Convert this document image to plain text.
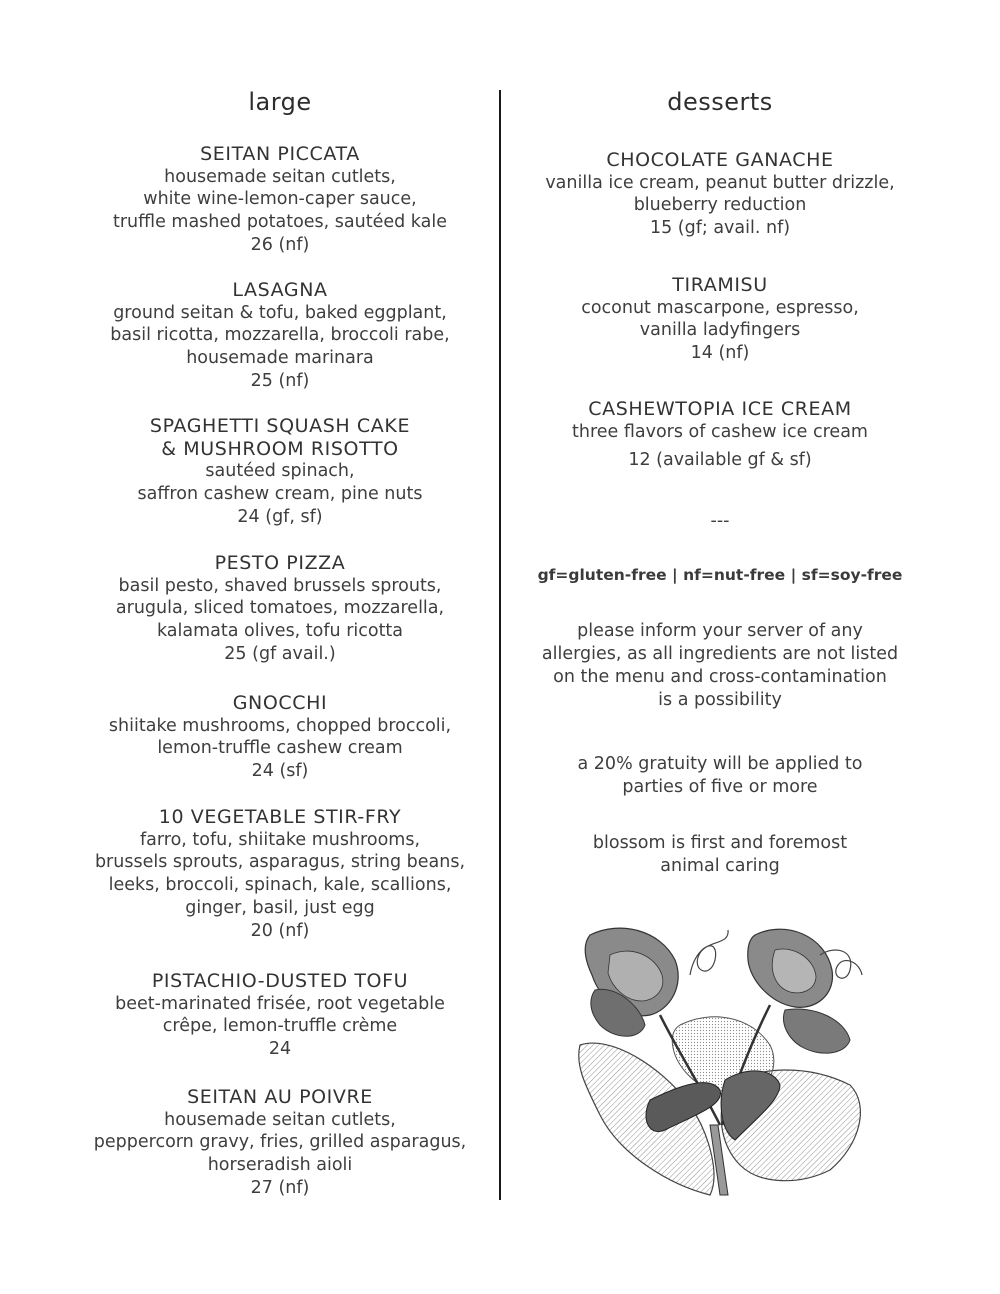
large
SEITAN PICCATA
housemade seitan cutlets,
white wine-lemon-caper sauce,
truffle mashed potatoes, sautéed kale
26 (nf)
LASAGNA
ground seitan & tofu, baked eggplant,
basil ricotta, mozzarella, broccoli rabe,
housemade marinara
25 (nf)
SPAGHETTI SQUASH CAKE
& MUSHROOM RISOTTO
sautéed spinach,
saffron cashew cream, pine nuts
24 (gf, sf)
PESTO PIZZA
basil pesto, shaved brussels sprouts,
arugula, sliced tomatoes, mozzarella,
kalamata olives, tofu ricotta
25 (gf avail.)
GNOCCHI
shiitake mushrooms, chopped broccoli,
lemon-truffle cashew cream
24 (sf)
10 VEGETABLE STIR-FRY
farro, tofu, shiitake mushrooms,
brussels sprouts, asparagus, string beans,
leeks, broccoli, spinach, kale, scallions,
ginger, basil, just egg
20 (nf)
PISTACHIO-DUSTED TOFU
beet-marinated frisée, root vegetable
crêpe, lemon-truffle crème
24
SEITAN AU POIVRE
housemade seitan cutlets,
peppercorn gravy, fries, grilled asparagus,
horseradish aioli
27 (nf)
desserts
CHOCOLATE GANACHE
vanilla ice cream, peanut butter drizzle,
blueberry reduction
15 (gf; avail. nf)
TIRAMISU
coconut mascarpone, espresso,
vanilla ladyfingers
14 (nf)
CASHEWTOPIA ICE CREAM
three flavors of cashew ice cream
12 (available gf & sf)
---
gf=gluten-free | nf=nut-free | sf=soy-free
please inform your server of any
allergies, as all ingredients are not listed
on the menu and cross-contamination
is a possibility
a 20% gratuity will be applied to
parties of five or more
blossom is first and foremost
animal caring
